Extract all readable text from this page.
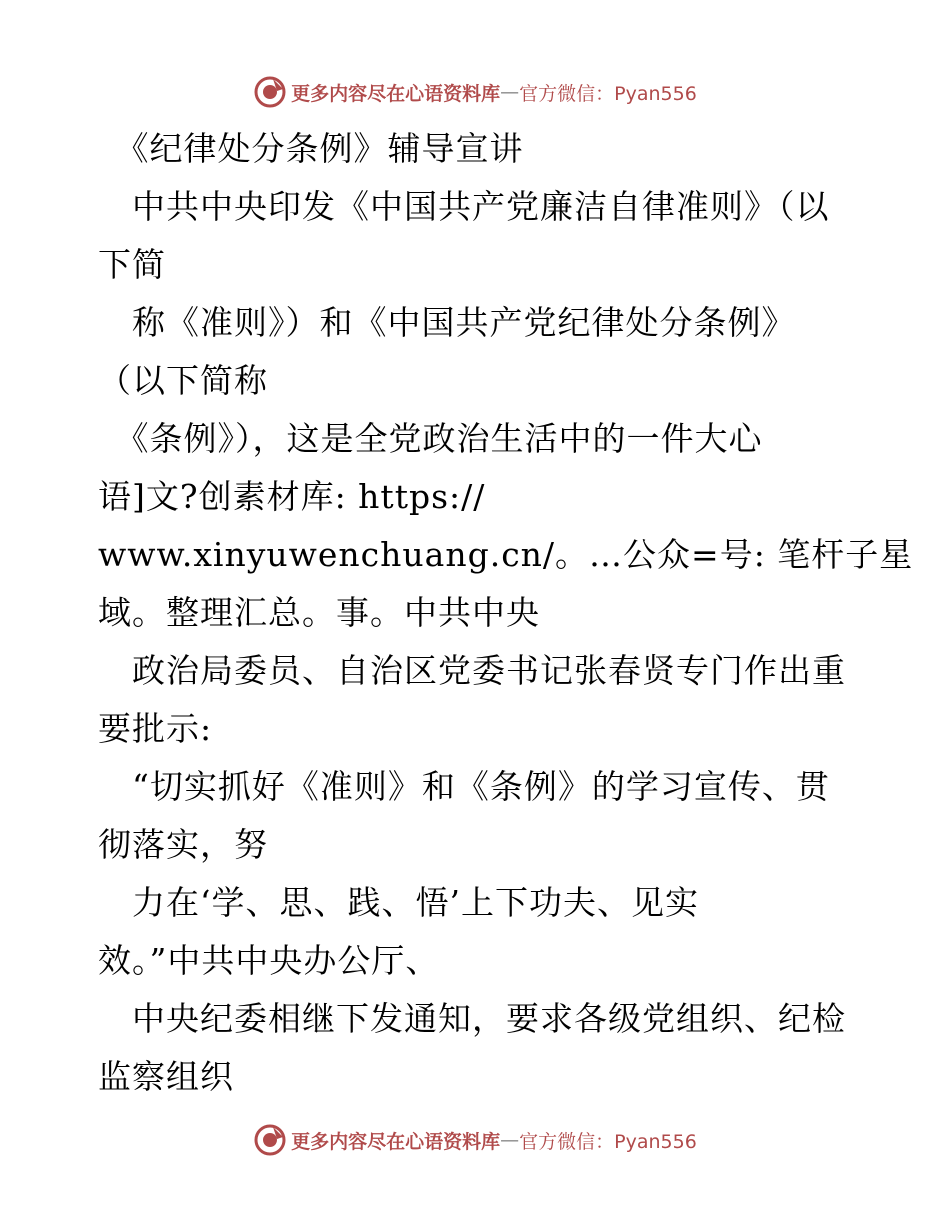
更多内容尽在心语资料库 — 官方微信：Pyan556
　《纪律处分条例》辅导宣讲
　中共中央印发《中国共产党廉洁自律准则》（以
下简
　称《准则》）和《中国共产党纪律处分条例》
（以下简称
　《条例》），这是全党政治生活中的一件大心
语]文?创素材库: https://
www.xinyuwenchuang.cn/。…公众=号: 笔杆子星
域。整理汇总。事。中共中央
　政治局委员、自治区党委书记张春贤专门作出重
要批示:
　“切实抓好《准则》和《条例》的学习宣传、贯
彻落实，努
　力在‘学、思、践、悟’上下功夫、见实
效。”中共中央办公厅、
　中央纪委相继下发通知，要求各级党组织、纪检
监察组织
更多内容尽在心语资料库 — 官方微信：Pyan556
